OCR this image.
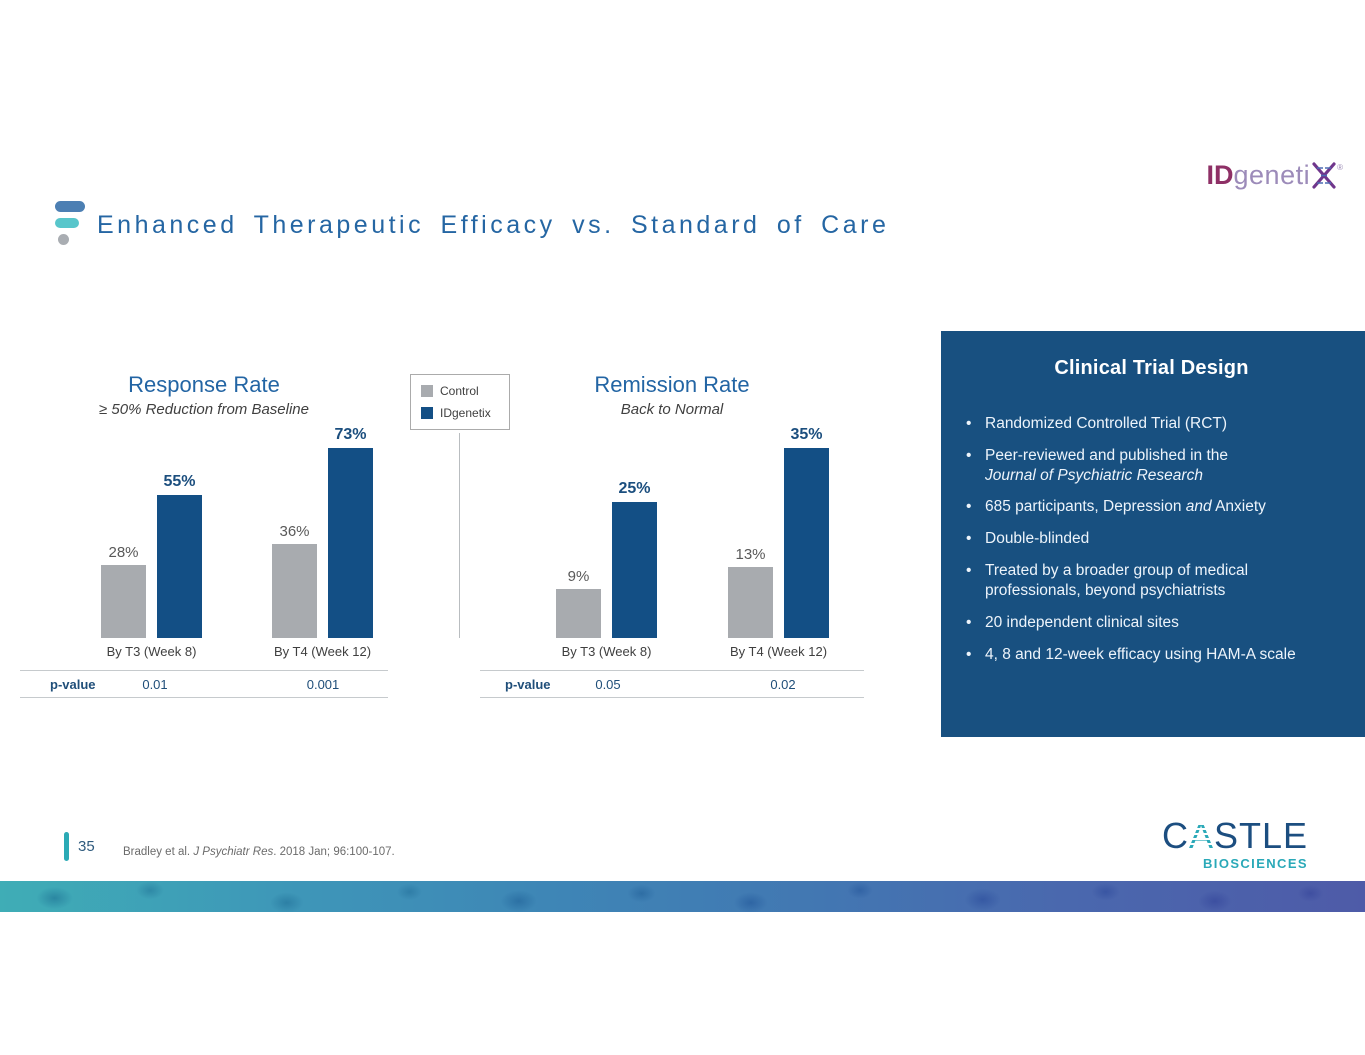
Enhanced Therapeutic Efficacy vs. Standard of Care
ID geneti	®
Response Rate
≥ 50% Reduction from Baseline
28%
55%
By T3 (Week 8)
36%
73%
By T4 (Week 12)
p-value	0.01	0.001
Control
IDgenetix
Remission Rate
Back to Normal
9%
25%
By T3 (Week 8)
13%
35%
By T4 (Week 12)
p-value	0.05	0.02
Clinical Trial Design
• Randomized Controlled Trial (RCT)
• Peer-reviewed and published in the
Journal of Psychiatric Research
• 685 participants, Depression and Anxiety
• Double-blinded
• Treated by a broader group of medical professionals, beyond psychiatrists
• 20 independent clinical sites
• 4, 8 and 12-week efficacy using HAM-A scale
35 Bradley et al. J Psychiatr Res. 2018 Jan; 96:100-107.	CASTLE
BIOSCIENCES
